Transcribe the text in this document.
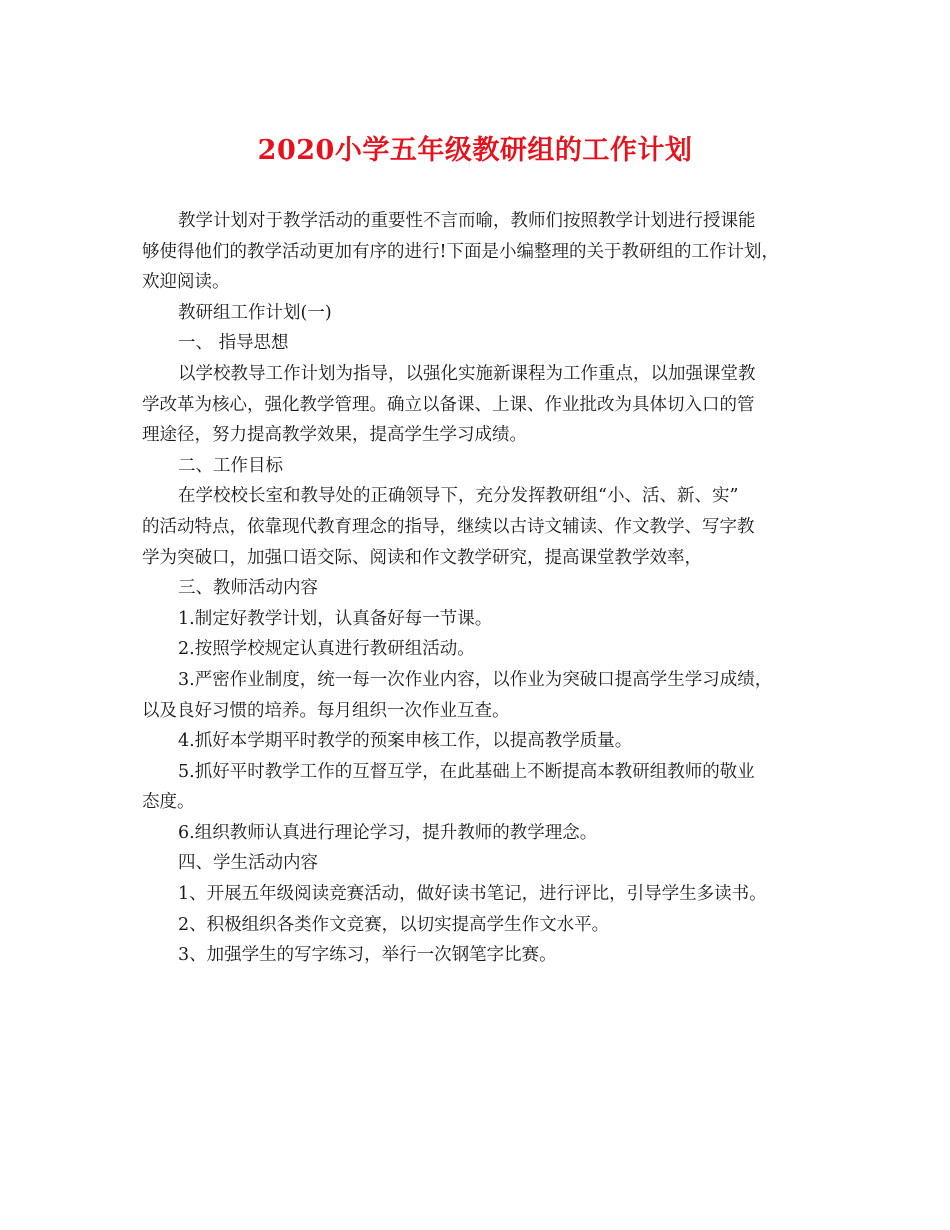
2020小学五年级教研组的工作计划
教学计划对于教学活动的重要性不言而喻，教师们按照教学计划进行授课能
够使得他们的教学活动更加有序的进行!下面是小编整理的关于教研组的工作计划，
欢迎阅读。
教研组工作计划(一)
一、 指导思想
以学校教导工作计划为指导，以强化实施新课程为工作重点，以加强课堂教
学改革为核心，强化教学管理。确立以备课、上课、作业批改为具体切入口的管
理途径，努力提高教学效果，提高学生学习成绩。
二、工作目标
在学校校长室和教导处的正确领导下，充分发挥教研组“小、活、新、实”
的活动特点，依靠现代教育理念的指导，继续以古诗文辅读、作文教学、写字教
学为突破口，加强口语交际、阅读和作文教学研究，提高课堂教学效率，
三、教师活动内容
1.制定好教学计划，认真备好每一节课。
2.按照学校规定认真进行教研组活动。
3.严密作业制度，统一每一次作业内容，以作业为突破口提高学生学习成绩，
以及良好习惯的培养。每月组织一次作业互查。
4.抓好本学期平时教学的预案申核工作，以提高教学质量。
5.抓好平时教学工作的互督互学，在此基础上不断提高本教研组教师的敬业
态度。
6.组织教师认真进行理论学习，提升教师的教学理念。
四、学生活动内容
1、开展五年级阅读竞赛活动，做好读书笔记，进行评比，引导学生多读书。
2、积极组织各类作文竞赛，以切实提高学生作文水平。
3、加强学生的写字练习，举行一次钢笔字比赛。
